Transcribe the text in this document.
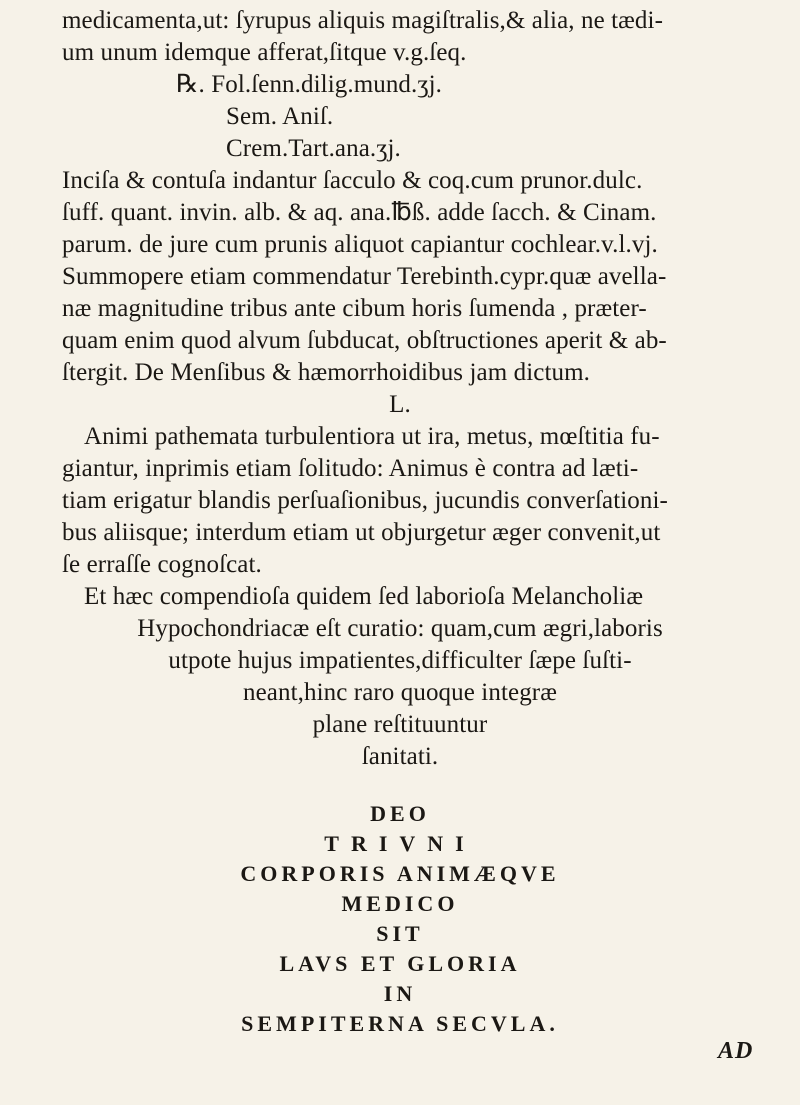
medicamenta,ut: ſyrupus aliquis magiſtralis,& alia, ne tædi-
um unum idemque afferat,ſitque v.g.ſeq.
℞. Fol.ſenn.dilig.mund.ʒj.
Sem. Aniſ.
Crem.Tart.ana.ʒj.
Inciſa & contuſa indantur ſacculo & coq.cum prunor.dulc.
ſuff. quant. invin. alb. & aq. ana.℔ß. adde ſacch. & Cinam.
parum. de jure cum prunis aliquot capiantur cochlear.v.l.vj.
Summopere etiam commendatur Terebinth.cypr.quæ avella-
næ magnitudine tribus ante cibum horis ſumenda , præter-
quam enim quod alvum ſubducat, obſtructiones aperit & ab-
ſtergit. De Menſibus & hæmorrhoidibus jam dictum.
L.
Animi pathemata turbulentiora ut ira, metus, mœſtitia fu-
giantur, inprimis etiam ſolitudo: Animus è contra ad læti-
tiam erigatur blandis perſuaſionibus, jucundis converſationi-
bus aliisque; interdum etiam ut objurgetur æger convenit,ut
ſe erraſſe cognoſcat.
Et hæc compendioſa quidem ſed laborioſa Melancholiæ
Hypochondriacæ eſt curatio: quam,cum ægri,laboris
utpote hujus impatientes,difficulter ſæpe ſuſti-
neant,hinc raro quoque integræ
plane reſtituuntur
ſanitati.
DEO
TRIVNI
CORPORIS ANIMÆQVE
MEDICO
SIT
LAVS ET GLORIA
IN
SEMPITERNA SECVLA.
AD
